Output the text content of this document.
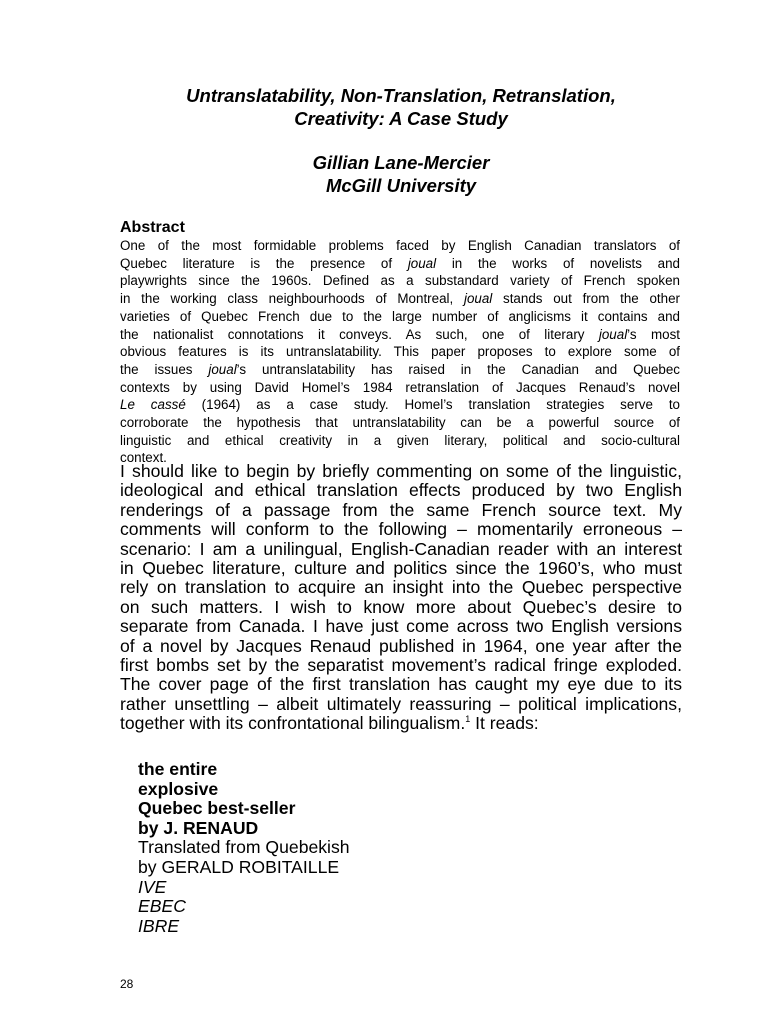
Untranslatability, Non-Translation, Retranslation,
Creativity: A Case Study
Gillian Lane-Mercier
McGill University
Abstract
One of the most formidable problems faced by English Canadian translators of
Quebec literature is the presence of joual in the works of novelists and
playwrights since the 1960s. Defined as a substandard variety of French spoken
in the working class neighbourhoods of Montreal, joual stands out from the other
varieties of Quebec French due to the large number of anglicisms it contains and
the nationalist connotations it conveys. As such, one of literary joual’s most
obvious features is its untranslatability. This paper proposes to explore some of
the issues joual’s untranslatability has raised in the Canadian and Quebec
contexts by using David Homel’s 1984 retranslation of Jacques Renaud’s novel
Le cassé (1964) as a case study. Homel’s translation strategies serve to
corroborate the hypothesis that untranslatability can be a powerful source of
linguistic and ethical creativity in a given literary, political and socio-cultural
context.
I should like to begin by briefly commenting on some of the linguistic,
ideological and ethical translation effects produced by two English
renderings of a passage from the same French source text. My
comments will conform to the following – momentarily erroneous –
scenario: I am a unilingual, English-Canadian reader with an interest
in Quebec literature, culture and politics since the 1960’s, who must
rely on translation to acquire an insight into the Quebec perspective
on such matters. I wish to know more about Quebec’s desire to
separate from Canada. I have just come across two English versions
of a novel by Jacques Renaud published in 1964, one year after the
first bombs set by the separatist movement’s radical fringe exploded.
The cover page of the first translation has caught my eye due to its
rather unsettling – albeit ultimately reassuring – political implications,
together with its confrontational bilingualism.$^1$ It reads:
the entire
explosive
Quebec best-seller
by J. RENAUD
Translated from Quebekish
by GERALD ROBITAILLE
IVE
EBEC
IBRE
28
